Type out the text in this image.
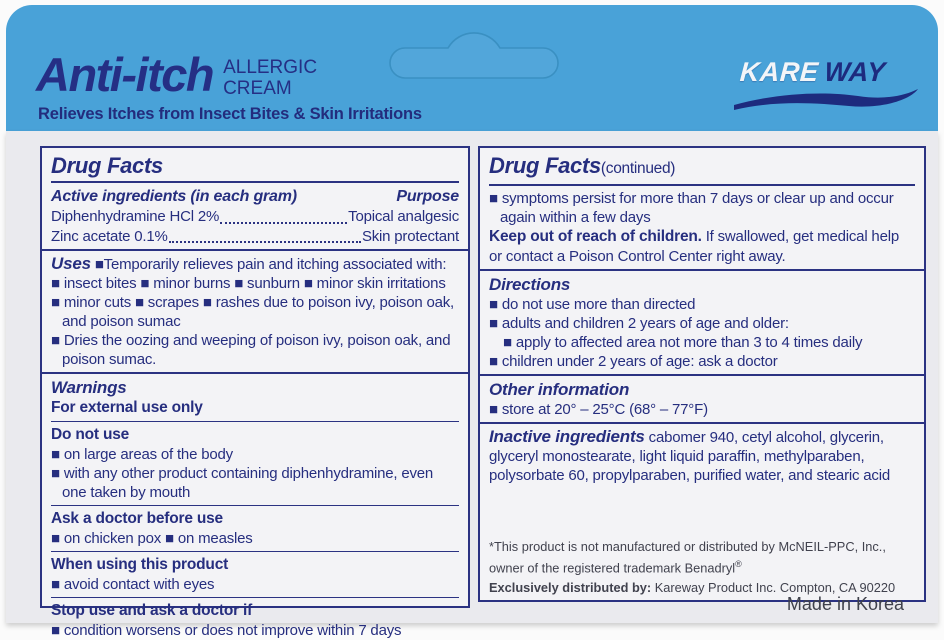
Anti-itch ALLERGIC
CREAM
Relieves Itches from Insect Bites & Skin Irritations
KARE WAY
Drug Facts
Active ingredients (in each gram)	Purpose
Diphenhydramine HCl 2%	Topical analgesic
Zinc acetate 0.1%	Skin protectant
Uses ■Temporarily relieves pain and itching associated with:
■ insect bites ■ minor burns ■ sunburn ■ minor skin irritations
■ minor cuts ■ scrapes ■ rashes due to poison ivy, poison oak, and poison sumac
■ Dries the oozing and weeping of poison ivy, poison oak, and poison sumac.
Warnings
For external use only
Do not use
■ on large areas of the body
■ with any other product containing diphenhydramine, even one taken by mouth
Ask a doctor before use
■ on chicken pox ■ on measles
When using this product
■ avoid contact with eyes
Stop use and ask a doctor if
■ condition worsens or does not improve within 7 days
Drug Facts(continued)
■ symptoms persist for more than 7 days or clear up and occur again within a few days
Keep out of reach of children. If swallowed, get medical help or contact a Poison Control Center right away.
Directions
■ do not use more than directed
■ adults and children 2 years of age and older:
■ apply to affected area not more than 3 to 4 times daily
■ children under 2 years of age: ask a doctor
Other information
■ store at 20° – 25°C (68° – 77°F)
Inactive ingredients cabomer 940, cetyl alcohol, glycerin, glyceryl monostearate, light liquid paraffin, methylparaben, polysorbate 60, propylparaben, purified water, and stearic acid
*This product is not manufactured or distributed by McNEIL-PPC, Inc., owner of the registered trademark Benadryl®
Exclusively distributed by: Kareway Product Inc. Compton, CA 90220
Made in Korea
